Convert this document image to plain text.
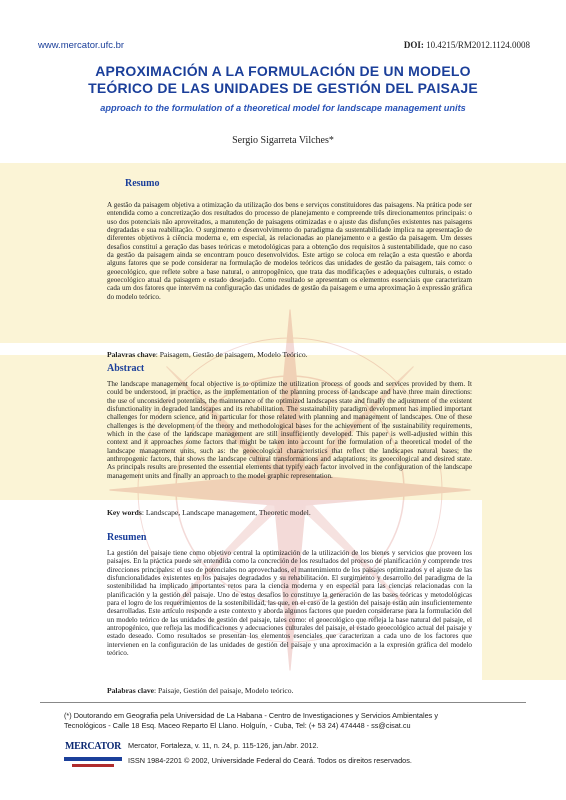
www.mercator.ufc.br	DOI: 10.4215/RM2012.1124.0008
APROXIMACIÓN A LA FORMULACIÓN DE UN MODELO
TEÓRICO DE LAS UNIDADES DE GESTIÓN DEL PAISAJE
approach to the formulation of a theoretical model for landscape management units
Sergio Sigarreta Vilches*
Resumo
A gestão da paisagem objetiva a otimização da utilização dos bens e serviços constituidores das paisagens. Na prática pode ser entendida como a concretização dos resultados do processo de planejamento e compreende três direcionamentos principais: o uso dos potenciais não aproveitados, a manutenção de paisagens otimizadas e o ajuste das disfunções existentes nas paisagens degradadas e sua reabilitação. O surgimento e desenvolvimento do paradigma da sustentabilidade implica na apresentação de diferentes objetivos à ciência moderna e, em especial, às relacionadas ao planejamento e a gestão da paisagem. Um desses desafios constituí a geração das bases teóricas e metodológicas para a obtenção dos requisitos à sustentabilidade, que no caso da gestão da paisagem ainda se encontram pouco desenvolvidos. Este artigo se coloca em relação a esta questão e aborda alguns fatores que se pode considerar na formulação de modelos teóricos das unidades de gestão da paisagem, tais como: o geoecológico, que reflete sobre a base natural, o antropogênico, que trata das modificações e adequações culturais, o estado geoecológico atual da paisagem e estado desejado. Como resultado se apresentam os elementos essenciais que caracterizam cada um dos fatores que intervém na configuração das unidades de gestão da paisagem e uma aproximação à expressão gráfica do modelo teórico.
Palavras chave: Paisagem, Gestão de paisagem, Modelo Teórico.
Abstract
The landscape management focal objective is to optimize the utilization process of goods and services provided by them. It could be understood, in practice, as the implementation of the planning process of landscape and have three main directions: the use of unconsidered potentials, the maintenance of the optimized landscapes state and finally the adjustment of the existent disfunctionality in degraded landscapes and its rehabilitation. The sustainability paradigm development has implied important challenges for modern science, and in particular for those related with planning and management of landscapes. One of these challenges is the development of the theory and methodological bases for the achievement of the sustainability requirements, which in the case of the landscape management are still insufficiently developed. This paper is well-adjusted within this context and it approaches some factors that might be taken into account for the formulation of a theoretical model of the landscape management units, such as: the geoecological characteristics that reflect the landscapes natural bases; the anthropogenic factors, that shows the landscape cultural transformations and adaptations; its geoecological and desired state. As principals results are presented the essential elements that typify each factor involved in the configuration of the landscape management units and finally an approach to the model graphic representation.
Key words: Landscape, Landscape management, Theoretic model.
Resumen
La gestión del paisaje tiene como objetivo central la optimización de la utilización de los bienes y servicios que proveen los paisajes. En la práctica puede ser entendida como la concreción de los resultados del proceso de planificación y comprende tres direcciones principales: el uso de potenciales no aprovechados, el mantenimiento de los paisajes optimizados y el ajuste de las disfuncionalidades existentes en los paisajes degradados y su rehabilitación. El surgimiento y desarrollo del paradigma de la sostenibilidad ha implicado importantes retos para la ciencia moderna y en especial para las ciencias relacionadas con la planificación y la gestión del paisaje. Uno de estos desafíos lo constituye la generación de las bases teóricas y metodológicas para el logro de los requerimientos de la sostenibilidad, las que, en el caso de la gestión del paisaje están aún insuficientemente desarrolladas. Este artículo responde a este contexto y aborda algunos factores que pueden considerarse para la formulación del un modelo teórico de las unidades de gestión del paisaje, tales como: el geoecológico que refleja la base natural del paisaje, el antropogénico, que refleja las modificaciones y adecuaciones culturales del paisaje, el estado geoecológico actual del paisaje y estado deseado. Como resultados se presentan los elementos esenciales que caracterizan a cada uno de los factores que intervienen en la configuración de las unidades de gestión del paisaje y una aproximación a la expresión gráfica del modelo teórico.
Palabras clave: Paisaje, Gestión del paisaje, Modelo teórico.
(*) Doutorando em Geografia pela Universidad de La Habana - Centro de Investigaciones y Servicios Ambientales y
Tecnológicos - Calle 18 Esq. Maceo Reparto El Llano. Holguín, - Cuba, Tel: (+ 53 24) 474448 - ss@cisat.cu
MERCATOR Mercator, Fortaleza, v. 11, n. 24, p. 115-126, jan./abr. 2012.
ISSN 1984-2201 © 2002, Universidade Federal do Ceará. Todos os direitos reservados.
